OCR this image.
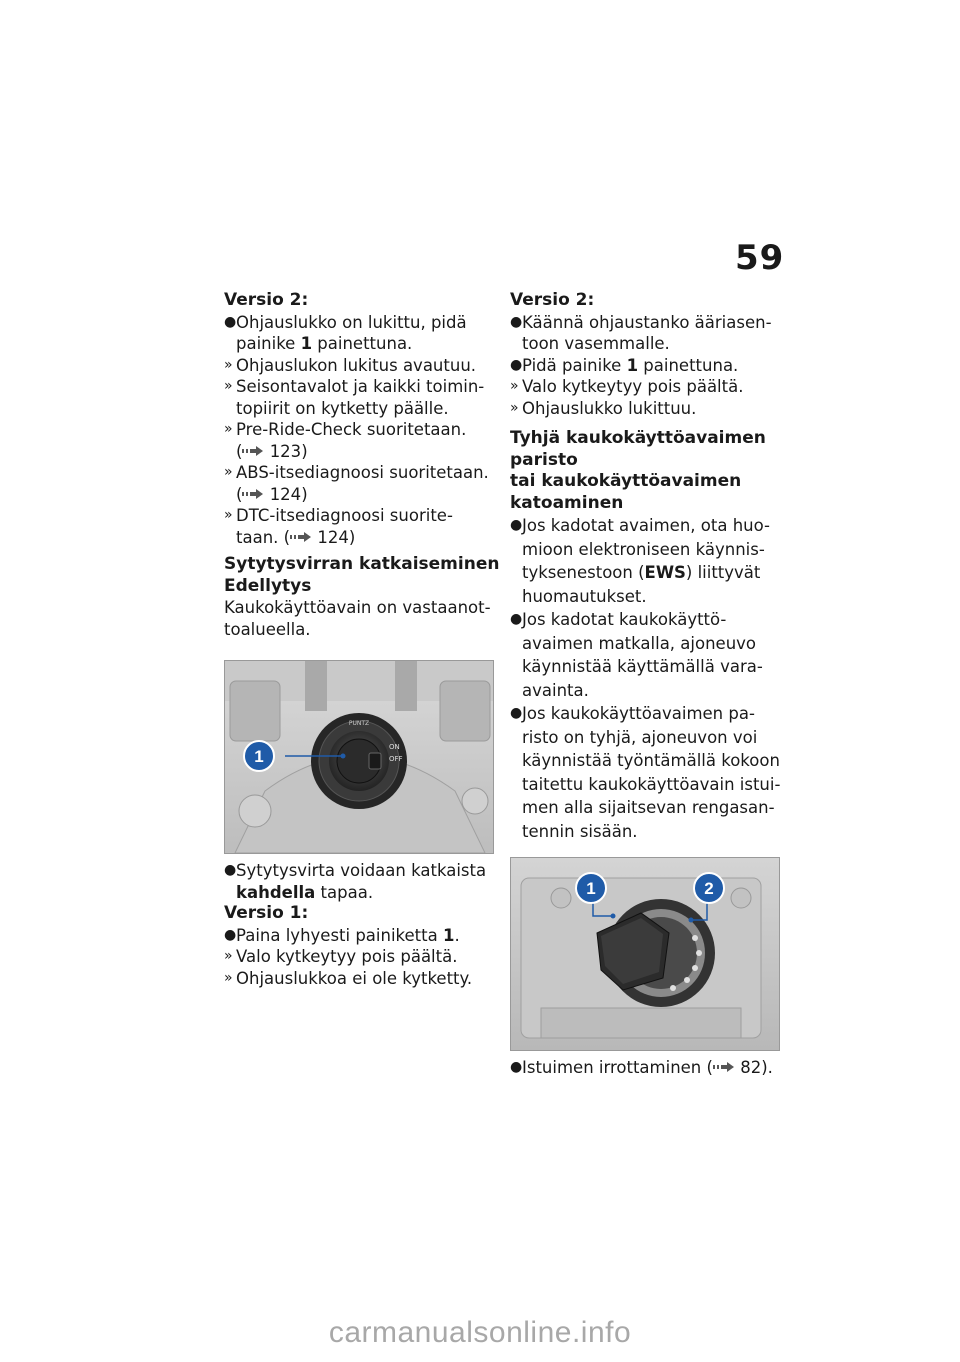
59
Versio 2:
● Ohjauslukko on lukittu, pidä
painike 1 painettuna.
» Ohjauslukon lukitus avautuu.
» Seisontavalot ja kaikki toimin-
topiirit on kytketty päälle.
» Pre-Ride-Check suoritetaan.
( 123)
» ABS-itsediagnoosi suoritetaan.
( 124)
» DTC-itsediagnoosi suorite-
taan. ( 124)
Sytytysvirran katkaiseminen
Edellytys
Kaukokäyttöavain on vastaanot-
toalueella.
1
PUNTZ
ON
OFF
● Sytytysvirta voidaan katkaista
kahdella tapaa.
Versio 1:
● Paina lyhyesti painiketta 1.
» Valo kytkeytyy pois päältä.
» Ohjauslukkoa ei ole kytketty.
Versio 2:
● Käännä ohjaustanko ääriasen-
toon vasemmalle.
● Pidä painike 1 painettuna.
» Valo kytkeytyy pois päältä.
» Ohjauslukko lukittuu.
Tyhjä kaukokäyttöavaimen
paristo
tai kaukokäyttöavaimen
katoaminen
● Jos kadotat avaimen, ota huo-
mioon elektroniseen käynnis-
tyksenestoon (EWS) liittyvät
huomautukset.
● Jos kadotat kaukokäyttö-
avaimen matkalla, ajoneuvo
käynnistää käyttämällä vara-
avainta.
● Jos kaukokäyttöavaimen pa-
risto on tyhjä, ajoneuvon voi
käynnistää työntämällä kokoon
taitettu kaukokäyttöavain istui-
men alla sijaitsevan rengasan-
tennin sisään.
1	2
● Istuimen irrottaminen ( 82).
carmanualsonline.info
